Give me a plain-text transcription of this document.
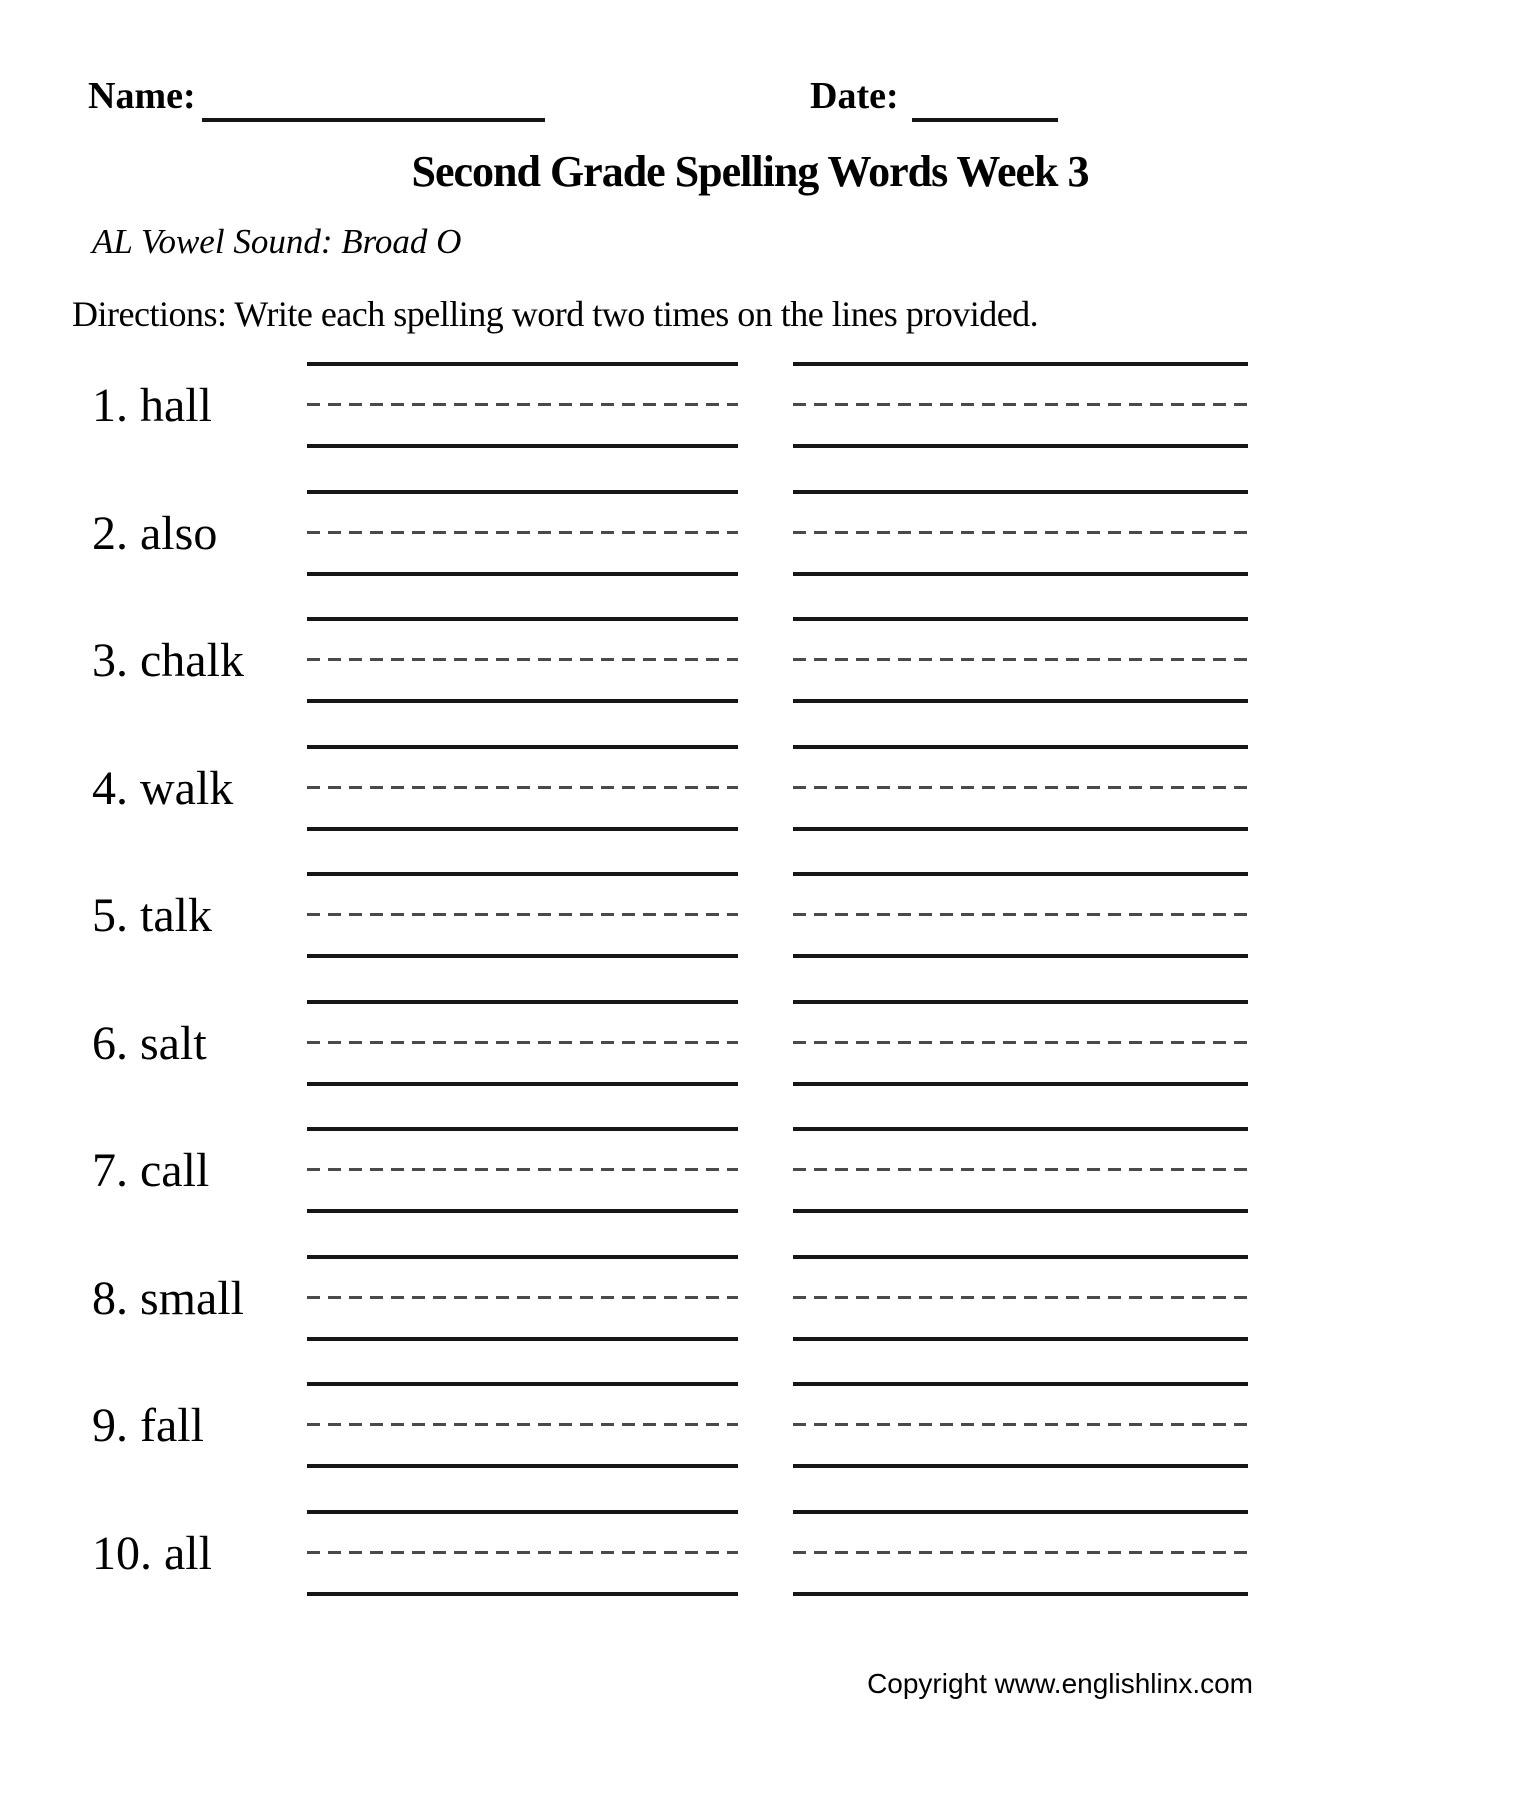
Name:	Date:
Second Grade Spelling Words Week 3
AL Vowel Sound: Broad O
Directions: Write each spelling word two times on the lines provided.
1. hall
2. also
3. chalk
4. walk
5. talk
6. salt
7. call
8. small
9. fall
10. all
Copyright www.englishlinx.com
